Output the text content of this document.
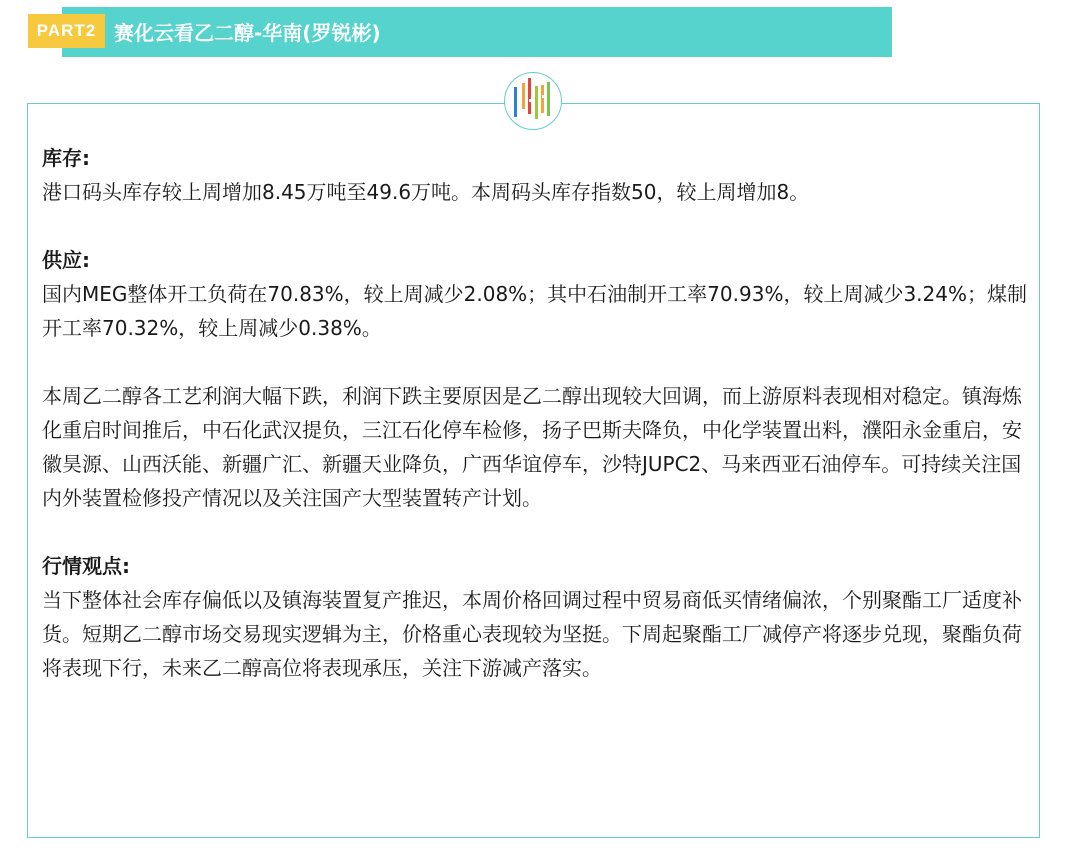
PART2 赛化云看乙二醇-华南(罗锐彬)

库存:

港口码头库存较上周增加8.45万吨至49.6万吨。本周码头库存指数50，较上周增加8。

供应:

国内MEG整体开工负荷在70.83%，较上周减少2.08%；其中石油制开工率70.93%，较上周减少3.24%；煤制开工率70.32%，较上周减少0.38%。

本周乙二醇各工艺利润大幅下跌，利润下跌主要原因是乙二醇出现较大回调，而上游原料表现相对稳定。镇海炼化重启时间推后，中石化武汉提负，三江石化停车检修，扬子巴斯夫降负，中化学装置出料，濮阳永金重启，安徽昊源、山西沃能、新疆广汇、新疆天业降负，广西华谊停车，沙特JUPC2、马来西亚石油停车。可持续关注国内外装置检修投产情况以及关注国产大型装置转产计划。

行情观点:

当下整体社会库存偏低以及镇海装置复产推迟，本周价格回调过程中贸易商低买情绪偏浓，个别聚酯工厂适度补货。短期乙二醇市场交易现实逻辑为主，价格重心表现较为坚挺。下周起聚酯工厂减停产将逐步兑现，聚酯负荷将表现下行，未来乙二醇高位将表现承压，关注下游减产落实。
